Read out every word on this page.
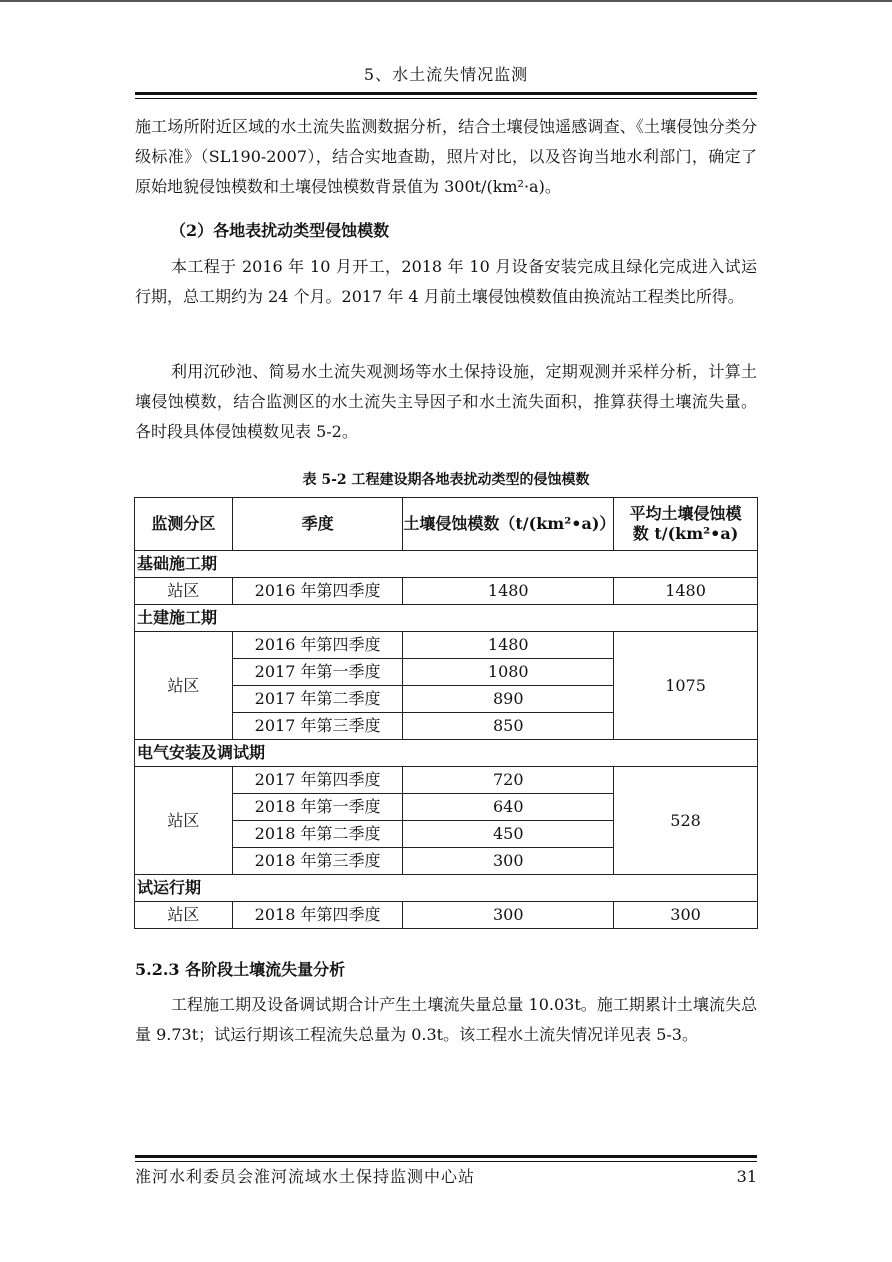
5、水土流失情况监测

施工场所附近区域的水土流失监测数据分析，结合土壤侵蚀遥感调查、《土壤侵蚀分类分级标准》（SL190-2007），结合实地查勘，照片对比，以及咨询当地水利部门，确定了原始地貌侵蚀模数和土壤侵蚀模数背景值为 300t/(km²·a)。

（2）各地表扰动类型侵蚀模数

本工程于 2016 年 10 月开工，2018 年 10 月设备安装完成且绿化完成进入试运行期，总工期约为 24 个月。2017 年 4 月前土壤侵蚀模数值由换流站工程类比所得。

利用沉砂池、简易水土流失观测场等水土保持设施，定期观测并采样分析，计算土壤侵蚀模数，结合监测区的水土流失主导因子和水土流失面积，推算获得土壤流失量。各时段具体侵蚀模数见表 5-2。

表 5-2 工程建设期各地表扰动类型的侵蚀模数
监测分区	季度	土壤侵蚀模数（t/(km²•a)）	平均土壤侵蚀模数 t/(km²•a)
基础施工期			
站区	2016 年第四季度	1480	1480
土建施工期			
站区	2016 年第四季度	1480	1075
	2017 年第一季度	1080	
	2017 年第二季度	890	
	2017 年第三季度	850	
电气安装及调试期			
站区	2017 年第四季度	720	528
	2018 年第一季度	640	
	2018 年第二季度	450	
	2018 年第三季度	300	
试运行期			
站区	2018 年第四季度	300	300

5.2.3 各阶段土壤流失量分析

工程施工期及设备调试期合计产生土壤流失量总量 10.03t。施工期累计土壤流失总量 9.73t；试运行期该工程流失总量为 0.3t。该工程水土流失情况详见表 5-3。

淮河水利委员会淮河流域水土保持监测中心站	31
